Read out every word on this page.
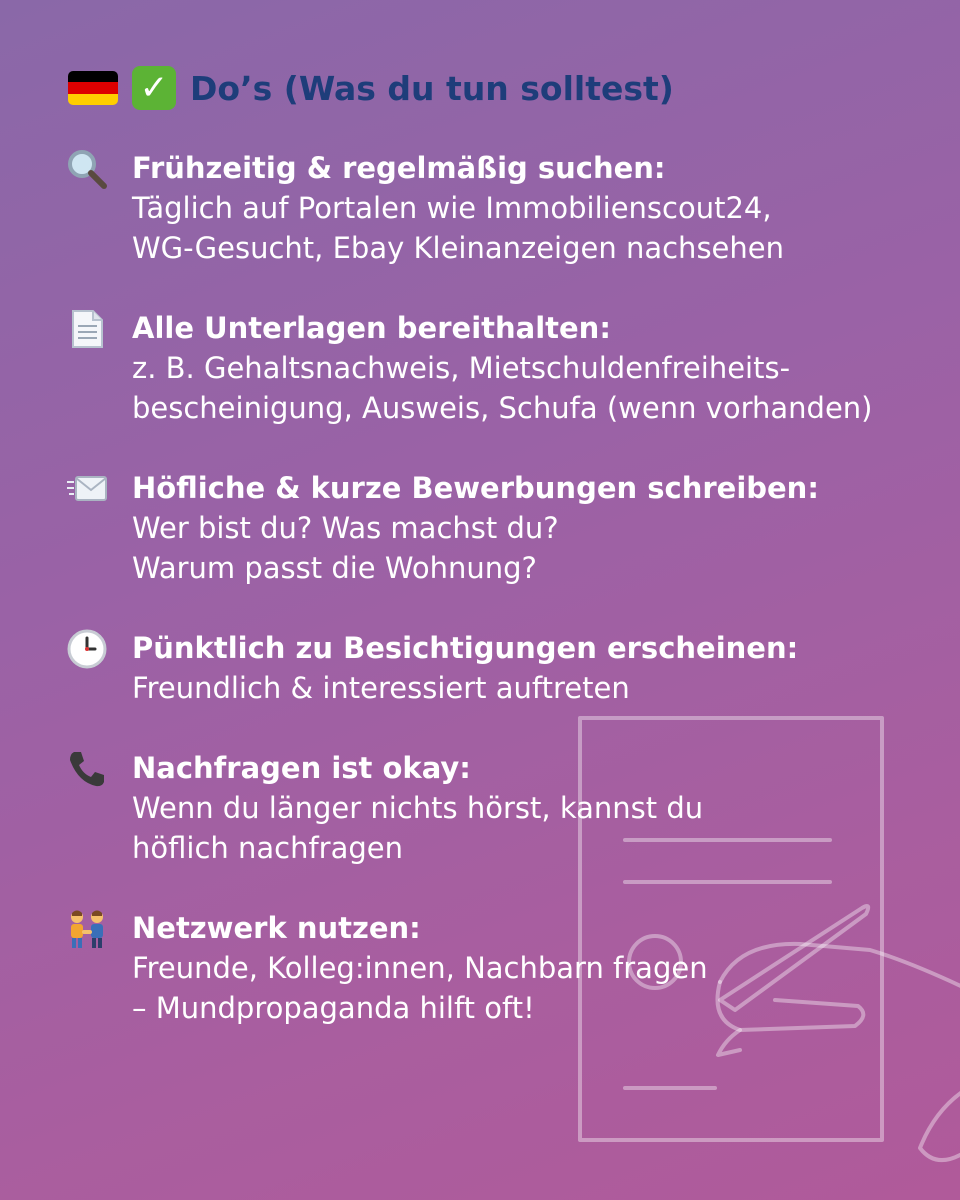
✓ Do’s (Was du tun solltest)
Frühzeitig & regelmäßig suchen:
Täglich auf Portalen wie Immobilienscout24,
WG-Gesucht, Ebay Kleinanzeigen nachsehen
Alle Unterlagen bereithalten:
z. B. Gehaltsnachweis, Mietschuldenfreiheits-
bescheinigung, Ausweis, Schufa (wenn vorhanden)
Höfliche & kurze Bewerbungen schreiben:
Wer bist du? Was machst du?
Warum passt die Wohnung?
Pünktlich zu Besichtigungen erscheinen:
Freundlich & interessiert auftreten
Nachfragen ist okay:
Wenn du länger nichts hörst, kannst du
höflich nachfragen
Netzwerk nutzen:
Freunde, Kolleg:innen, Nachbarn fragen
– Mundpropaganda hilft oft!
